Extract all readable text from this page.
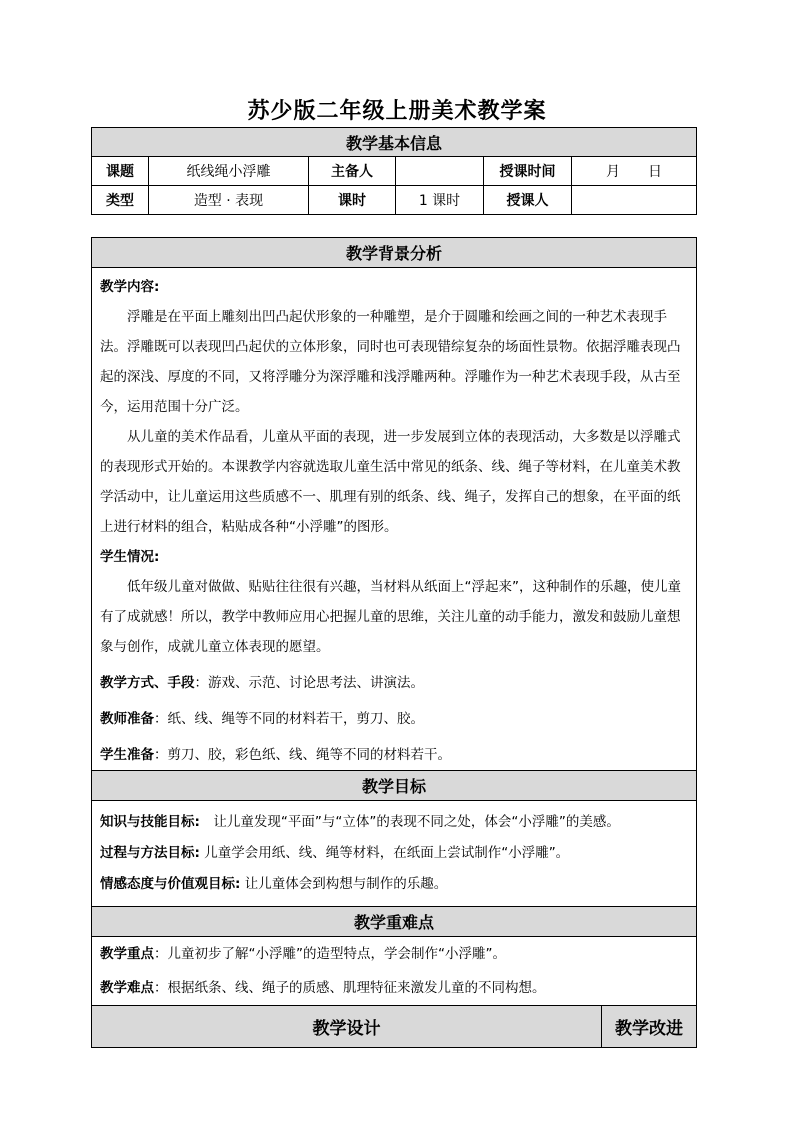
苏少版二年级上册美术教学案
教学基本信息					
课题	纸线绳小浮雕	主备人		授课时间	月　　日
类型	造型 · 表现	课时	1 课时	授课人	
教学背景分析

教学内容:

浮雕是在平面上雕刻出凹凸起伏形象的一种雕塑，是介于圆雕和绘画之间的一种艺术表现手法。浮雕既可以表现凹凸起伏的立体形象，同时也可表现错综复杂的场面性景物。依据浮雕表现凸起的深浅、厚度的不同，又将浮雕分为深浮雕和浅浮雕两种。浮雕作为一种艺术表现手段，从古至今，运用范围十分广泛。

从儿童的美术作品看，儿童从平面的表现，进一步发展到立体的表现活动，大多数是以浮雕式的表现形式开始的。本课教学内容就选取儿童生活中常见的纸条、线、绳子等材料，在儿童美术教学活动中，让儿童运用这些质感不一、肌理有别的纸条、线、绳子，发挥自己的想象，在平面的纸上进行材料的组合，粘贴成各种“小浮雕”的图形。

学生情况:

低年级儿童对做做、贴贴往往很有兴趣，当材料从纸面上“浮起来”，这种制作的乐趣，使儿童有了成就感！所以，教学中教师应用心把握儿童的思维，关注儿童的动手能力，激发和鼓励儿童想象与创作，成就儿童立体表现的愿望。

教学方式、手段：游戏、示范、讨论思考法、讲演法。

教师准备：纸、线、绳等不同的材料若干，剪刀、胶。

学生准备：剪刀、胶，彩色纸、线、绳等不同的材料若干。

教学目标

知识与技能目标:　让儿童发现“平面”与“立体”的表现不同之处，体会“小浮雕”的美感。

过程与方法目标: 儿童学会用纸、线、绳等材料，在纸面上尝试制作“小浮雕”。

情感态度与价值观目标: 让儿童体会到构想与制作的乐趣。

教学重难点

教学重点：儿童初步了解“小浮雕”的造型特点，学会制作“小浮雕”。

教学难点：根据纸条、线、绳子的质感、肌理特征来激发儿童的不同构想。

教学设计	教学改进
